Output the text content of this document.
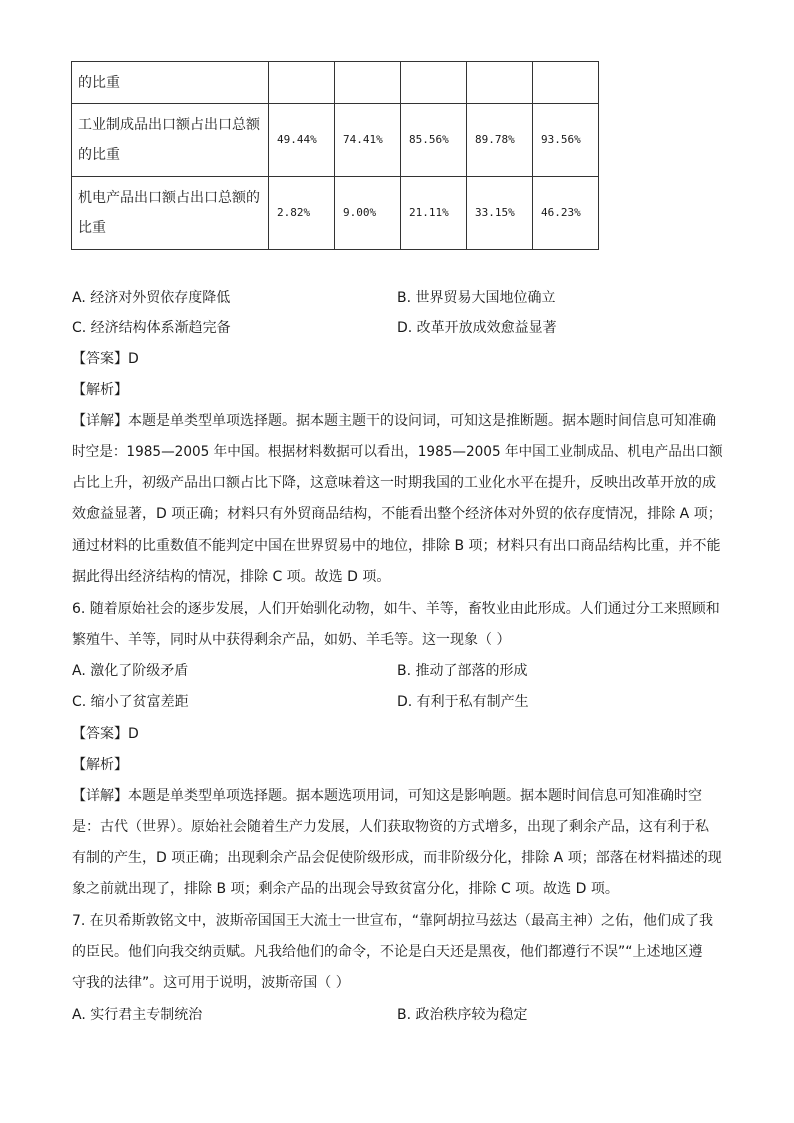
的比重					
工业制成品出口额占出口总额的比重	49.44%	74.41%	85.56%	89.78%	93.56%
机电产品出口额占出口总额的比重	2.82%	9.00%	21.11%	33.15%	46.23%
A. 经济对外贸依存度降低	B. 世界贸易大国地位确立
C. 经济结构体系渐趋完备	D. 改革开放成效愈益显著
【答案】D
【解析】
【详解】本题是单类型单项选择题。据本题主题干的设问词，可知这是推断题。据本题时间信息可知准确
时空是：1985—2005 年中国。根据材料数据可以看出，1985—2005 年中国工业制成品、机电产品出口额
占比上升，初级产品出口额占比下降，这意味着这一时期我国的工业化水平在提升，反映出改革开放的成
效愈益显著，D 项正确；材料只有外贸商品结构，不能看出整个经济体对外贸的依存度情况，排除 A 项；
通过材料的比重数值不能判定中国在世界贸易中的地位，排除 B 项；材料只有出口商品结构比重，并不能
据此得出经济结构的情况，排除 C 项。故选 D 项。
6. 随着原始社会的逐步发展，人们开始驯化动物，如牛、羊等，畜牧业由此形成。人们通过分工来照顾和
繁殖牛、羊等，同时从中获得剩余产品，如奶、羊毛等。这一现象（ ）
A. 激化了阶级矛盾	B. 推动了部落的形成
C. 缩小了贫富差距	D. 有利于私有制产生
【答案】D
【解析】
【详解】本题是单类型单项选择题。据本题选项用词，可知这是影响题。据本题时间信息可知准确时空
是：古代（世界）。原始社会随着生产力发展，人们获取物资的方式增多，出现了剩余产品，这有利于私
有制的产生，D 项正确；出现剩余产品会促使阶级形成，而非阶级分化，排除 A 项；部落在材料描述的现
象之前就出现了，排除 B 项；剩余产品的出现会导致贫富分化，排除 C 项。故选 D 项。
7. 在贝希斯敦铭文中，波斯帝国国王大流士一世宣布，“靠阿胡拉马兹达（最高主神）之佑，他们成了我
的臣民。他们向我交纳贡赋。凡我给他们的命令，不论是白天还是黑夜，他们都遵行不误”“上述地区遵
守我的法律”。这可用于说明，波斯帝国（ ）
A. 实行君主专制统治	B. 政治秩序较为稳定
